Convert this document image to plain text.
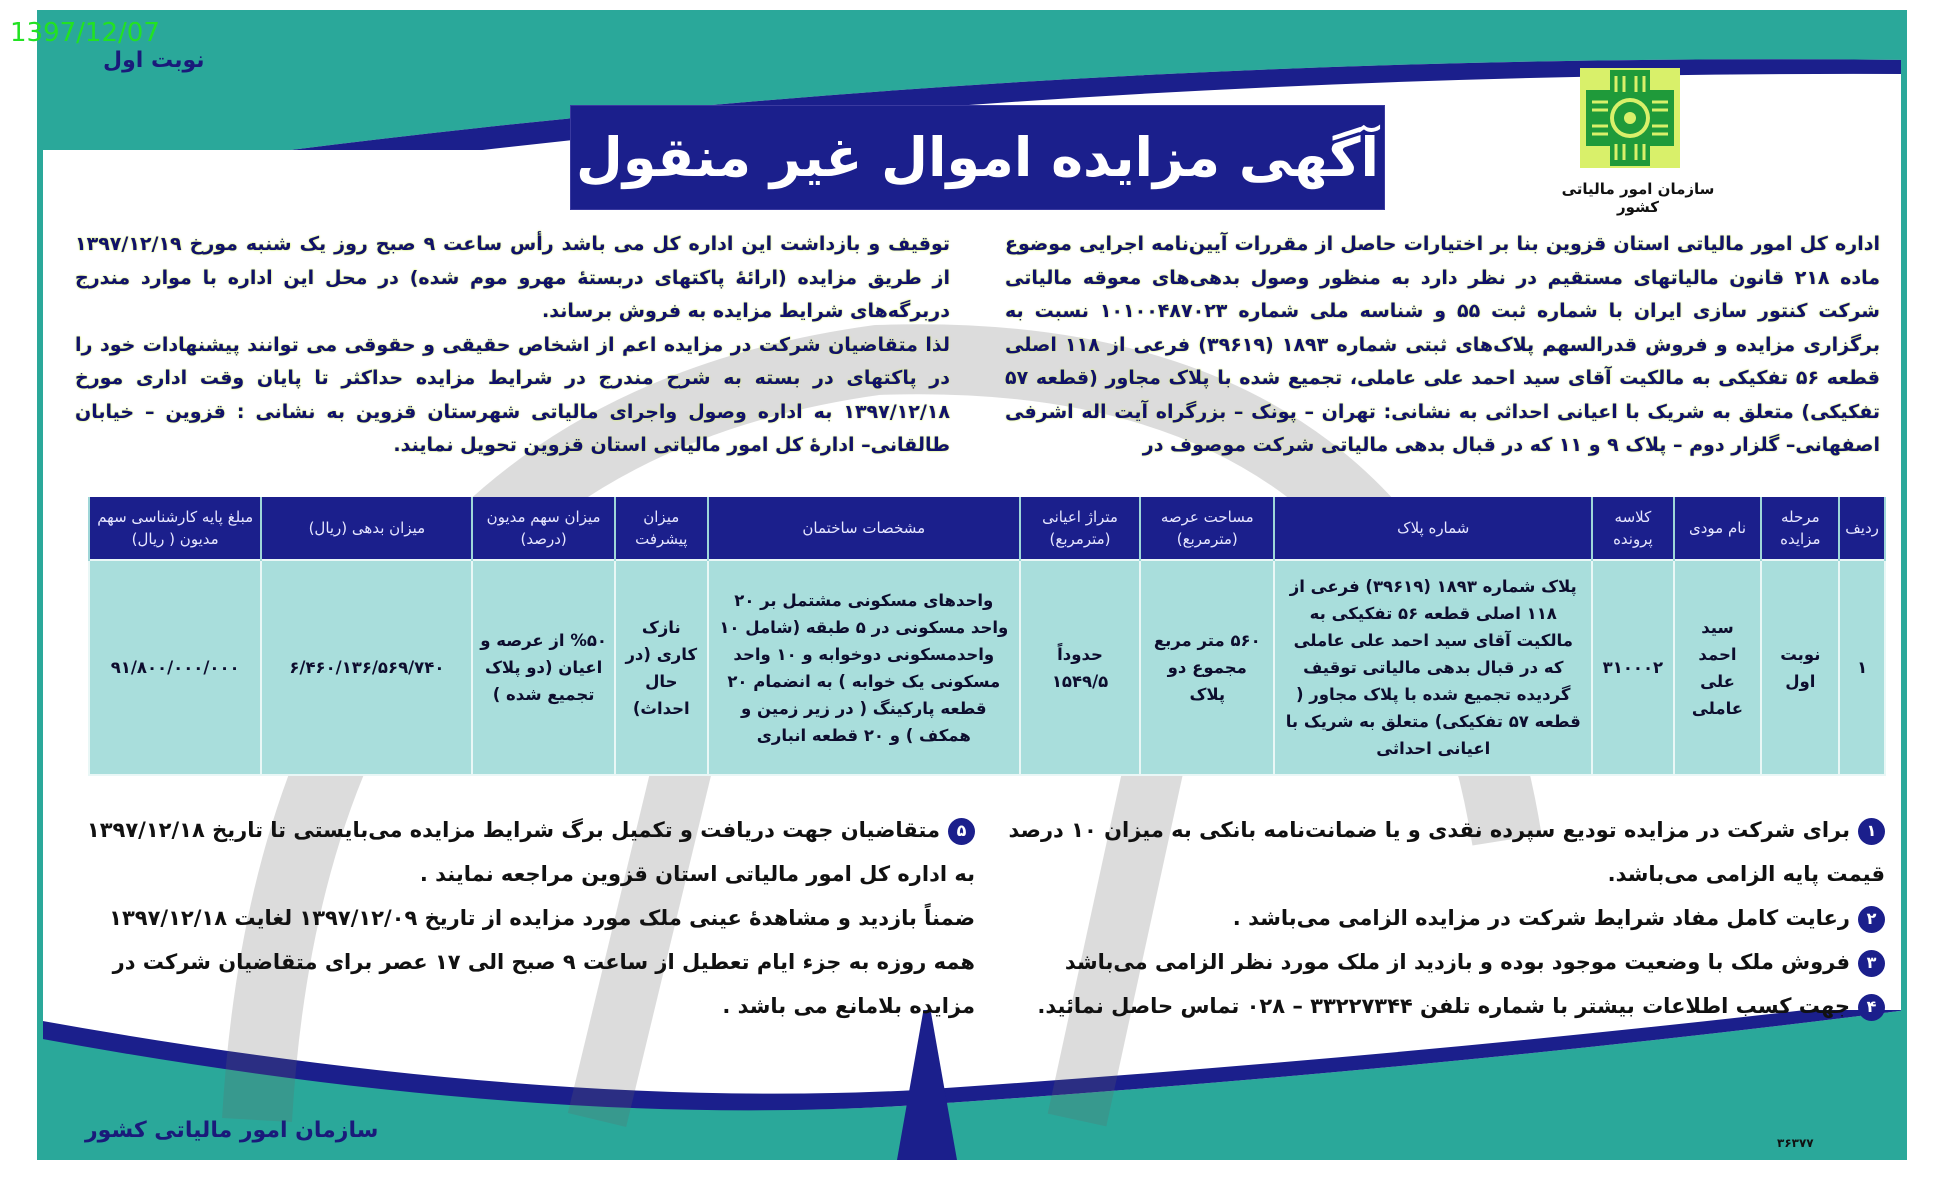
1397/12/07
نوبت اول
سازمان امور مالیاتی کشور
آگهی مزایده اموال غیر منقول

اداره کل امور مالیاتی استان قزوین بنا بر اختیارات حاصل از مقررات آیین‌نامه اجرایی موضوع ماده ۲۱۸ قانون مالیاتهای مستقیم در نظر دارد به منظور وصول بدهی‌های معوقه مالیاتی شرکت کنتور سازی ایران با شماره ثبت ۵۵ و شناسه ملی شماره ۱۰۱۰۰۴۸۷۰۲۳ نسبت به برگزاری مزایده و فروش قدرالسهم پلاک‌های ثبتی شماره ۱۸۹۳ (۳۹۶۱۹) فرعی از ۱۱۸ اصلی قطعه ۵۶ تفکیکی به مالکیت آقای سید احمد علی عاملی، تجمیع شده با پلاک مجاور (قطعه ۵۷ تفکیکی) متعلق به شریک با اعیانی احداثی به نشانی: تهران – پونک – بزرگراه آیت اله اشرفی اصفهانی– گلزار دوم – پلاک ۹ و ۱۱ که در قبال بدهی مالیاتی شرکت موصوف در

توقیف و بازداشت این اداره کل می باشد رأس ساعت ۹ صبح روز یک شنبه مورخ ۱۳۹۷/۱۲/۱۹ از طریق مزایده (ارائهٔ پاکتهای دربستهٔ مهرو موم شده) در محل این اداره با موارد مندرج دربرگه‌های شرایط مزایده به فروش برساند.

لذا متقاضیان شرکت در مزایده اعم از اشخاص حقیقی و حقوقی می توانند پیشنهادات خود را در پاکتهای در بسته به شرح مندرج در شرایط مزایده حداکثر تا پایان وقت اداری مورخ ۱۳۹۷/۱۲/۱۸ به اداره وصول واجرای مالیاتی شهرستان قزوین به نشانی : قزوین – خیابان طالقانی– ادارهٔ کل امور مالیاتی استان قزوین تحویل نمایند.

ردیف	مرحله مزایده	نام مودی	کلاسه پرونده	شماره پلاک	مساحت عرصه (مترمربع)	متراژ اعیانی (مترمربع)	مشخصات ساختمان	میزان پیشرفت	میزان سهم مدیون (درصد)	میزان بدهی (ریال)	مبلغ پایه کارشناسی سهم مدیون ( ریال)
۱	نوبت اول	سید احمد علی عاملی	۳۱۰۰۰۲	پلاک شماره ۱۸۹۳ (۳۹۶۱۹) فرعی از ۱۱۸ اصلی قطعه ۵۶ تفکیکی به مالکیت آقای سید احمد علی عاملی که در قبال بدهی مالیاتی توقیف گردیده تجمیع شده با پلاک مجاور ( قطعه ۵۷ تفکیکی) متعلق به شریک با اعیانی احداثی	۵۶۰ متر مربع مجموع دو پلاک	حدوداً ۱۵۴۹/۵	واحدهای مسکونی مشتمل بر ۲۰ واحد مسکونی در ۵ طبقه (شامل ۱۰ واحدمسکونی دوخوابه و ۱۰ واحد مسکونی یک خوابه ) به انضمام ۲۰ قطعه پارکینگ ( در زیر زمین و همکف ) و ۲۰ قطعه انباری	نازک کاری (در حال احداث)	%۵۰ از عرصه و اعیان (دو پلاک تجمیع شده )	۶/۴۶۰/۱۳۶/۵۶۹/۷۴۰	۹۱/۸۰۰/۰۰۰/۰۰۰
۱برای شرکت در مزایده تودیع سپرده نقدی و یا ضمانت‌نامه بانکی به میزان ۱۰ درصد قیمت پایه الزامی می‌باشد.
۲رعایت کامل مفاد شرایط شرکت در مزایده الزامی می‌باشد .
۳فروش ملک با وضعیت موجود بوده و بازدید از ملک مورد نظر الزامی می‌باشد
۴جهت کسب اطلاعات بیشتر با شماره تلفن ۳۳۲۲۷۳۴۴ – ۰۲۸ تماس حاصل نمائید.
۵متقاضیان جهت دریافت و تکمیل برگ شرایط مزایده می‌بایستی تا تاریخ ۱۳۹۷/۱۲/۱۸ به اداره کل امور مالیاتی استان قزوین مراجعه نمایند .
ضمناً بازدید و مشاهدهٔ عینی ملک مورد مزایده از تاریخ ۱۳۹۷/۱۲/۰۹ لغایت ۱۳۹۷/۱۲/۱۸ همه روزه به جزء ایام تعطیل از ساعت ۹ صبح الی ۱۷ عصر برای متقاضیان شرکت در مزایده بلامانع می باشد .
سازمان امور مالیاتی کشور	۳۶۳۷۷
